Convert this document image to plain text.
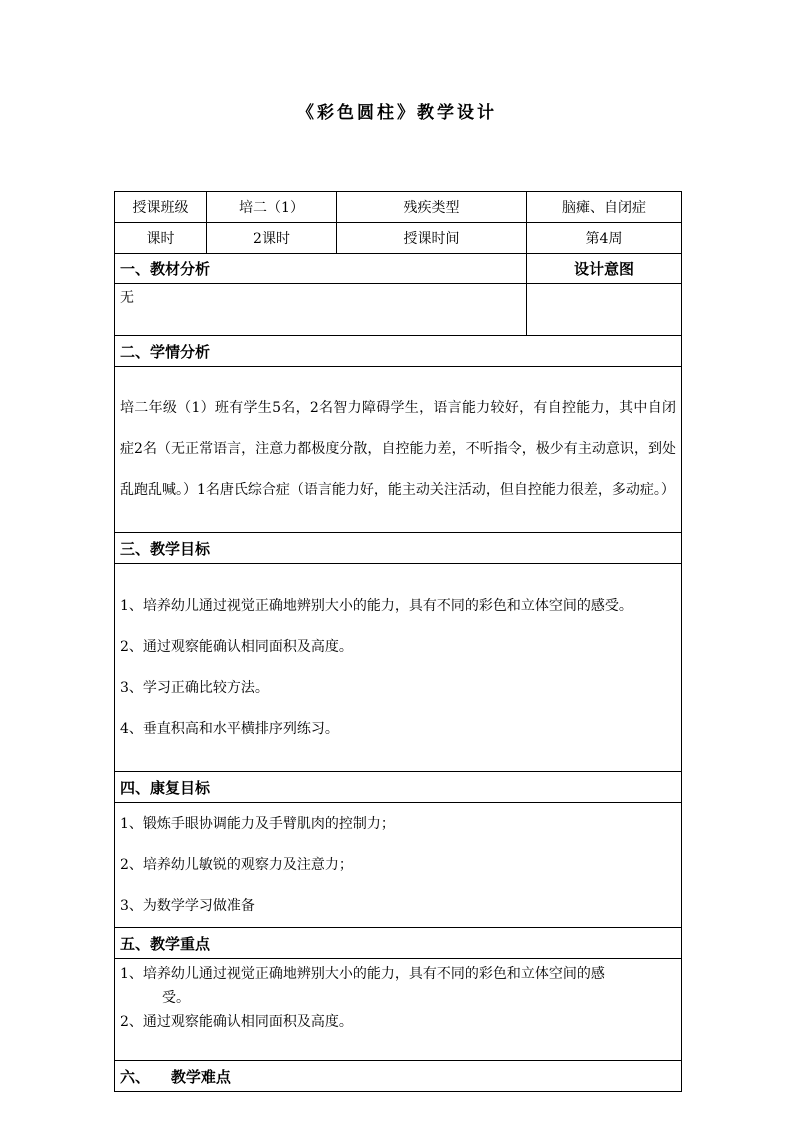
《彩色圆柱》教学设计
授课班级	培二（1）	残疾类型	脑瘫、自闭症
课时	2课时	授课时间	第4周
一、教材分析			设计意图
无			
二、学情分析			
培二年级（1）班有学生5名，2名智力障碍学生，语言能力较好，有自控能力，其中自闭症2名（无正常语言，注意力都极度分散，自控能力差，不听指令，极少有主动意识，到处乱跑乱喊。）1名唐氏综合症（语言能力好，能主动关注活动，但自控能力很差，多动症。）			
三、教学目标			

1、培养幼儿通过视觉正确地辨别大小的能力，具有不同的彩色和立体空间的感受。
2、通过观察能确认相同面积及高度。
3、学习正确比较方法。
4、垂直积高和水平横排序列练习。			

四、康复目标			

1、锻炼手眼协调能力及手臂肌肉的控制力；
2、培养幼儿敏锐的观察力及注意力；
3、为数学学习做准备			

五、教学重点			

1、培养幼儿通过视觉正确地辨别大小的能力，具有不同的彩色和立体空间的感
受。
2、通过观察能确认相同面积及高度。			

六、    教学难点			
